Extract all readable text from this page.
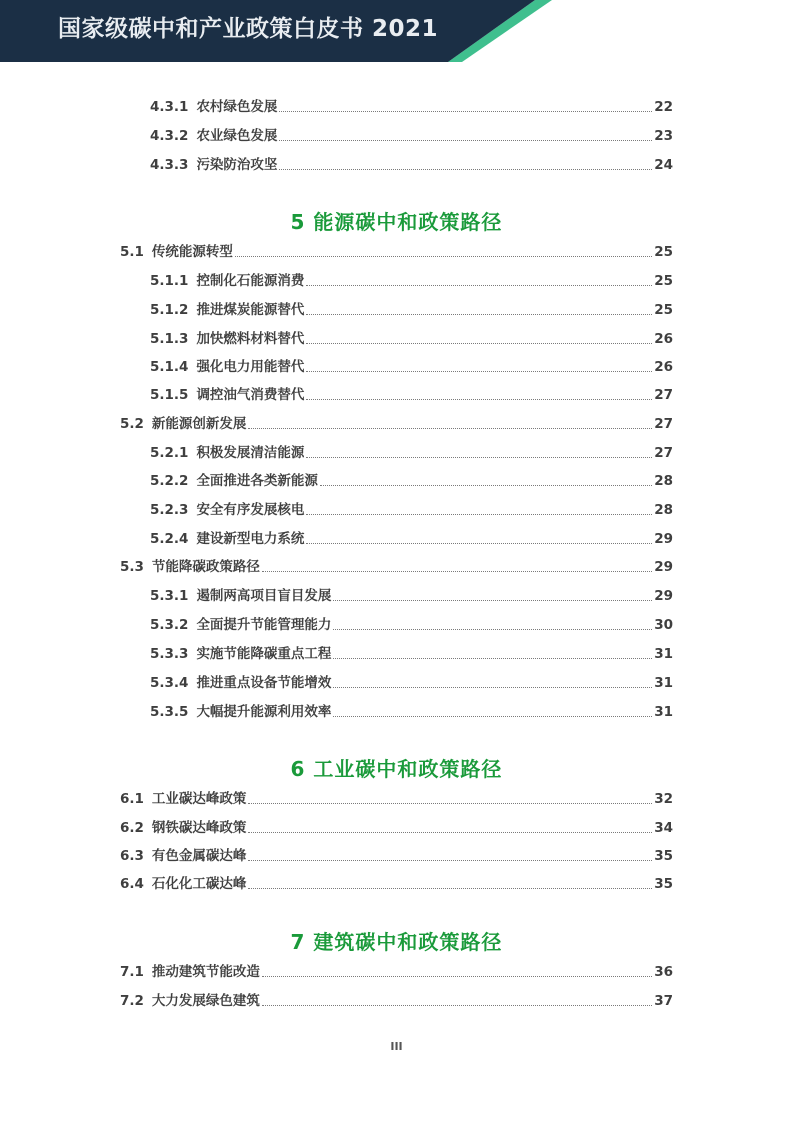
国家级碳中和产业政策白皮书 2021
4.3.1 农村绿色发展	22
4.3.2 农业绿色发展	23
4.3.3 污染防治攻坚	24
5 能源碳中和政策路径
5.1 传统能源转型	25
5.1.1 控制化石能源消费	25
5.1.2 推进煤炭能源替代	25
5.1.3 加快燃料材料替代	26
5.1.4 强化电力用能替代	26
5.1.5 调控油气消费替代	27
5.2 新能源创新发展	27
5.2.1 积极发展清洁能源	27
5.2.2 全面推进各类新能源	28
5.2.3 安全有序发展核电	28
5.2.4 建设新型电力系统	29
5.3 节能降碳政策路径	29
5.3.1 遏制两高项目盲目发展	29
5.3.2 全面提升节能管理能力	30
5.3.3 实施节能降碳重点工程	31
5.3.4 推进重点设备节能增效	31
5.3.5 大幅提升能源利用效率	31
6 工业碳中和政策路径
6.1 工业碳达峰政策	32
6.2 钢铁碳达峰政策	34
6.3 有色金属碳达峰	35
6.4 石化化工碳达峰	35
7 建筑碳中和政策路径
7.1 推动建筑节能改造	36
7.2 大力发展绿色建筑	37
III
